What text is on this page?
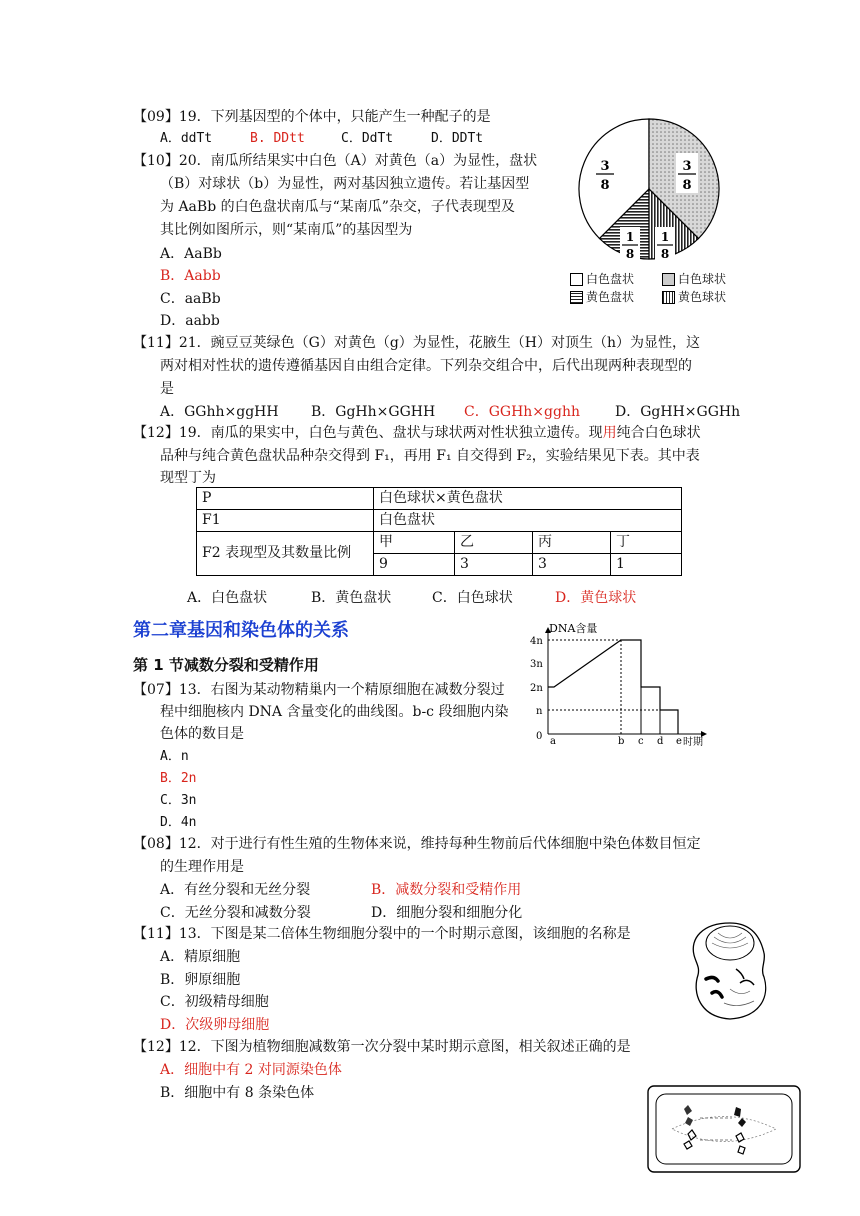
【09】19．下列基因型的个体中，只能产生一种配子的是
A．ddTt	B. DDtt	C．DdTt	D．DDTt
【10】20．南瓜所结果实中白色（A）对黄色（a）为显性，盘状
（B）对球状（b）为显性，两对基因独立遗传。若让基因型
为 AaBb 的白色盘状南瓜与“某南瓜”杂交，子代表现型及
其比例如图所示，则“某南瓜”的基因型为
A．AaBb
B．Aabb
C．aaBb
D．aabb
3
8
3
8
1
8
1
8
白色盘状	白色球状
黄色盘状	黄色球状
【11】21．豌豆豆荚绿色（G）对黄色（g）为显性，花腋生（H）对顶生（h）为显性，这
两对相对性状的遗传遵循基因自由组合定律。下列杂交组合中，后代出现两种表现型的
是
A．GGhh×ggHH B．GgHh×GGHH C．GGHh×gghh	D．GgHH×GGHh
【12】19．南瓜的果实中，白色与黄色、盘状与球状两对性状独立遗传。现用纯合白色球状
品种与纯合黄色盘状品种杂交得到 F₁，再用 F₁ 自交得到 F₂，实验结果见下表。其中表
现型丁为
P	白色球状×黄色盘状			
F1	白色盘状			
F2 表现型及其数量比例	甲	乙	丙	丁
	9	3	3	1
A．白色盘状	B．黄色盘状	C．白色球状	D．黄色球状
第二章基因和染色体的关系
第 1 节减数分裂和受精作用
【07】13．右图为某动物精巢内一个精原细胞在减数分裂过
程中细胞核内 DNA 含量变化的曲线图。b-c 段细胞内染
色体的数目是
A．n
B．2n
C．3n
D．4n
DNA含量
4n
3n
2n
n
0 a	b c d e 时期
【08】12．对于进行有性生殖的生物体来说，维持每种生物前后代体细胞中染色体数目恒定
的生理作用是
A．有丝分裂和无丝分裂	B．减数分裂和受精作用
C．无丝分裂和减数分裂	D．细胞分裂和细胞分化
【11】13．下图是某二倍体生物细胞分裂中的一个时期示意图，该细胞的名称是
A．精原细胞
B．卵原细胞
C．初级精母细胞
D．次级卵母细胞
【12】12．下图为植物细胞减数第一次分裂中某时期示意图，相关叙述正确的是
A．细胞中有 2 对同源染色体
B．细胞中有 8 条染色体
